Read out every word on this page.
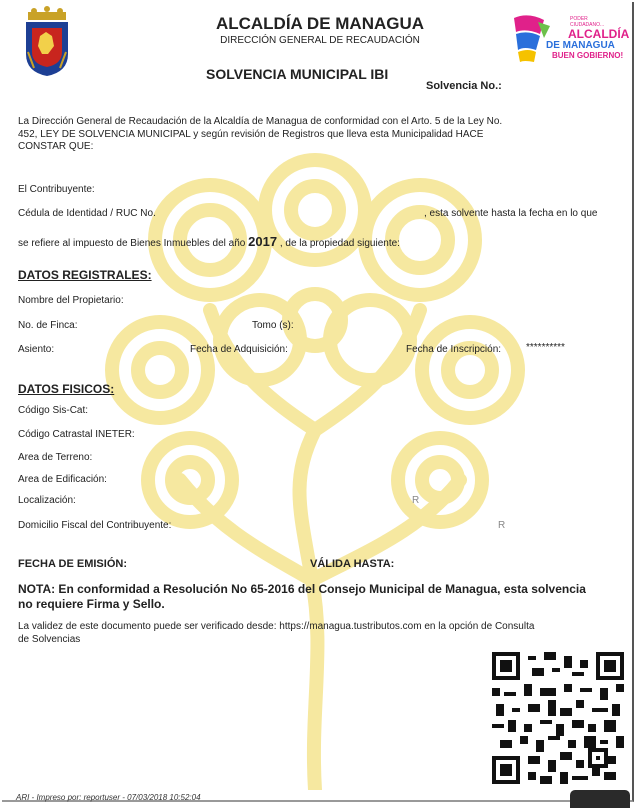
ALCALDÍA DE MANAGUA
DIRECCIÓN GENERAL DE RECAUDACIÓN
SOLVENCIA MUNICIPAL IBI
Solvencia No.:
PODER
CIUDADANO...
ALCALDÍA
DE MANAGUA
BUEN GOBIERNO!
La Dirección General de Recaudación de la Alcaldía de Managua de conformidad con el Arto. 5 de la Ley No.
452, LEY DE SOLVENCIA MUNICIPAL y según revisión de Registros que lleva esta Municipalidad HACE
CONSTAR QUE:
El Contribuyente:
Cédula de Identidad / RUC No.	, esta solvente hasta la fecha en lo que
se refiere al impuesto de Bienes Inmuebles del año 2017 , de la propiedad siguiente:
DATOS REGISTRALES:
Nombre del Propietario:
No. de Finca:	Tomo (s):
Asiento:	Fecha de Adquisición:	Fecha de Inscripción: **********
DATOS FISICOS:
Código Sis-Cat:
Código Catrastal INETER:
Area de Terreno:
Area de Edificación:
Localización:	R
Domicilio Fiscal del Contribuyente:	R
FECHA DE EMISIÓN:	VÁLIDA HASTA:
NOTA: En conformidad a Resolución No 65-2016 del Consejo Municipal de Managua, esta solvencia
no requiere Firma y Sello.
La validez de este documento puede ser verificado desde: https://managua.tustributos.com en la opción de Consulta
de Solvencias
ARI - Impreso por: reportuser - 07/03/2018 10:52:04
